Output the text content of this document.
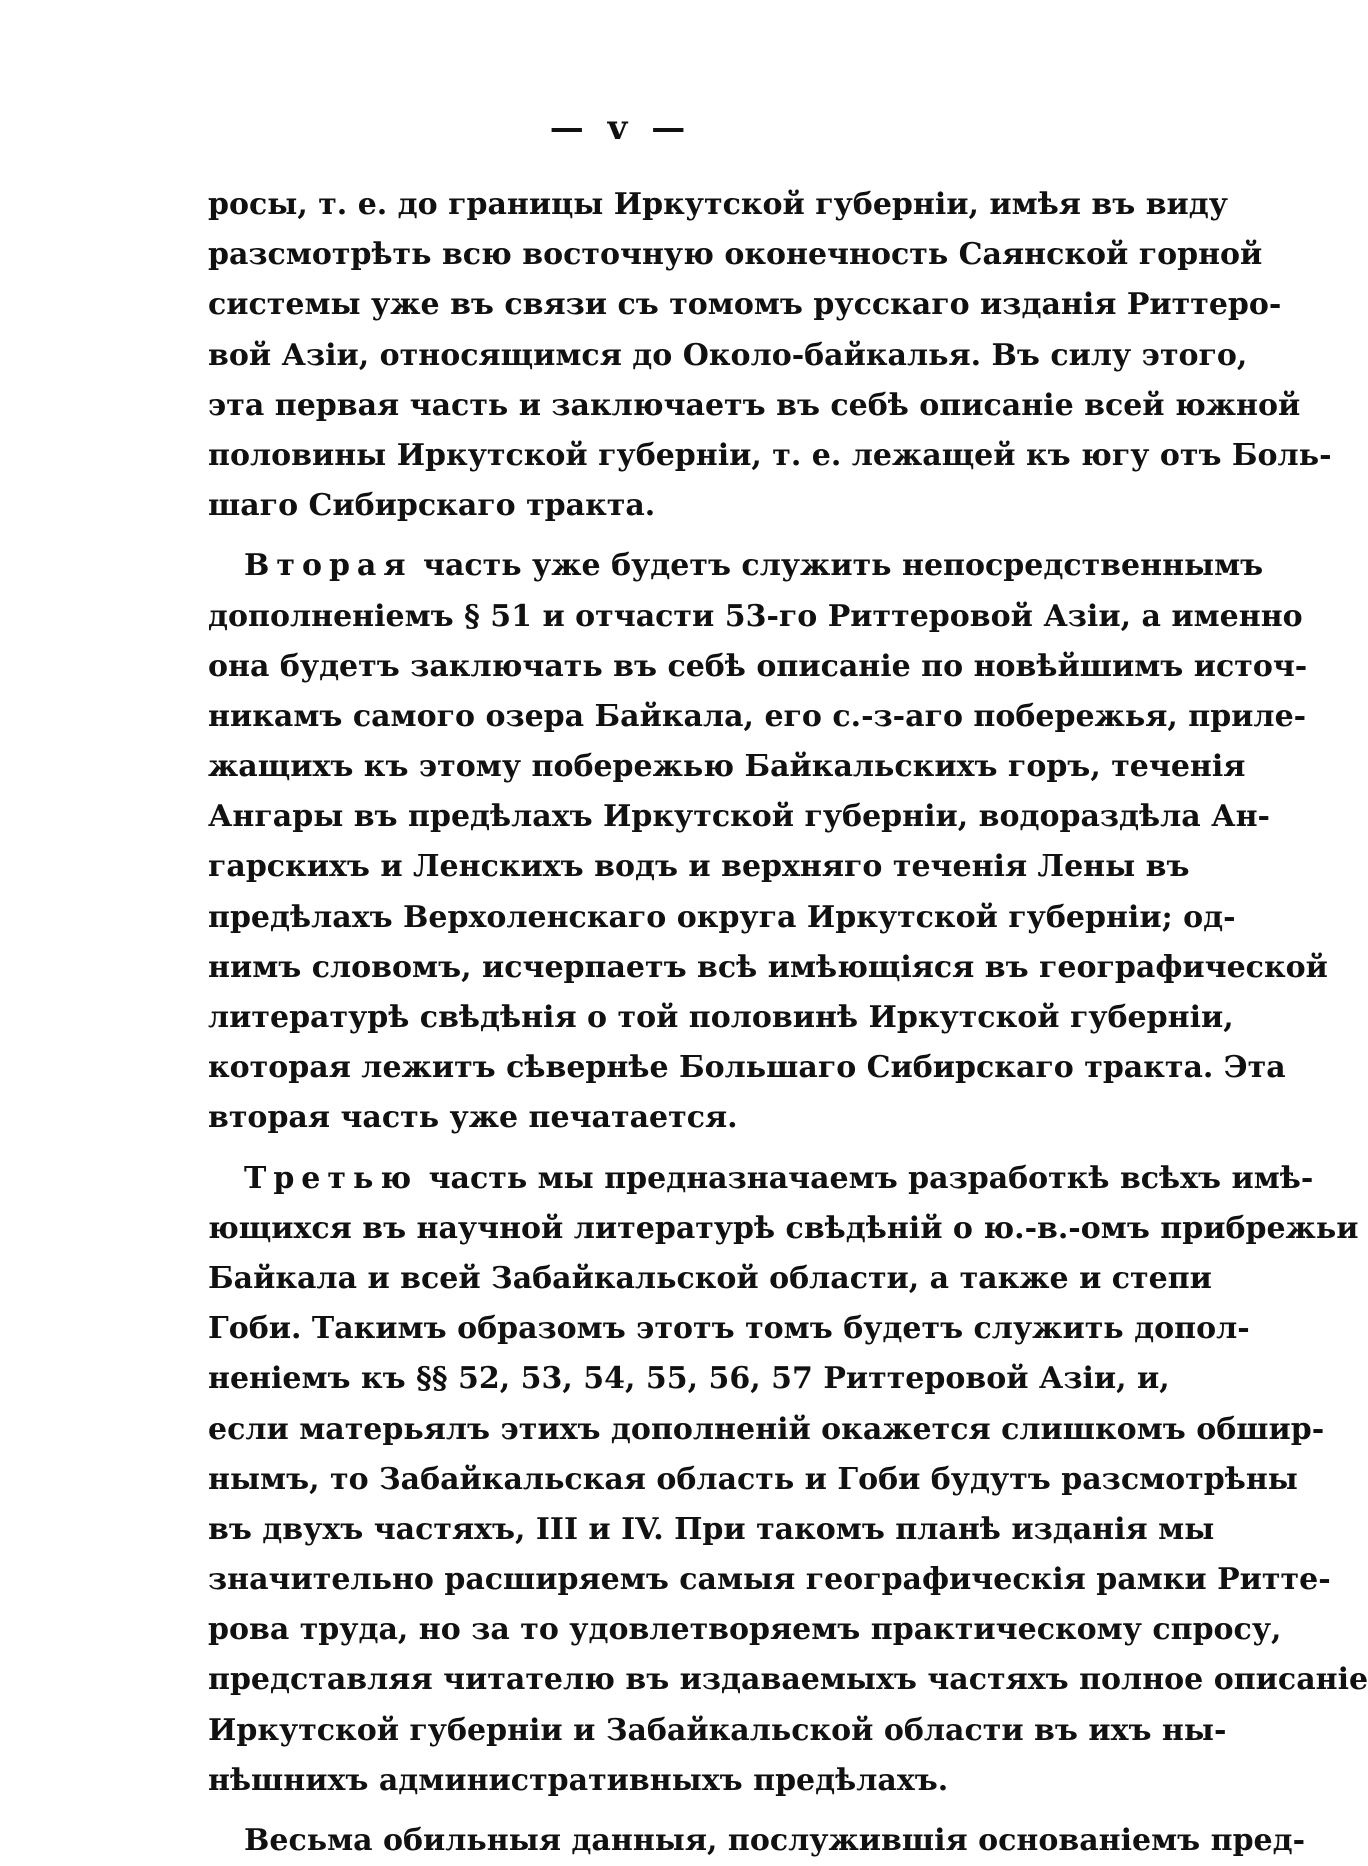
— v —
росы, т. е. до границы Иркутской губерніи, имѣя въ виду
разсмотрѣть всю восточную оконечность Саянской горной
системы уже въ связи съ томомъ русскаго изданія Риттеро-
вой Азіи, относящимся до Около-байкалья. Въ силу этого,
эта первая часть и заключаетъ въ себѣ описаніе всей южной
половины Иркутской губерніи, т. е. лежащей къ югу отъ Боль-
шаго Сибирскаго тракта.
Вторая часть уже будетъ служить непосредственнымъ
дополненіемъ § 51 и отчасти 53-го Риттеровой Азіи, а именно
она будетъ заключать въ себѣ описаніе по новѣйшимъ источ-
никамъ самого озера Байкала, его с.-з-аго побережья, приле-
жащихъ къ этому побережью Байкальскихъ горъ, теченія
Ангары въ предѣлахъ Иркутской губерніи, водораздѣла Ан-
гарскихъ и Ленскихъ водъ и верхняго теченія Лены въ
предѣлахъ Верхоленскаго округа Иркутской губерніи; од-
нимъ словомъ, исчерпаетъ всѣ имѣющіяся въ географической
литературѣ свѣдѣнія о той половинѣ Иркутской губерніи,
которая лежитъ сѣвернѣе Большаго Сибирскаго тракта. Эта
вторая часть уже печатается.
Третью часть мы предназначаемъ разработкѣ всѣхъ имѣ-
ющихся въ научной литературѣ свѣдѣній о ю.-в.-омъ прибрежьи
Байкала и всей Забайкальской области, а также и степи
Гоби. Такимъ образомъ этотъ томъ будетъ служить допол-
неніемъ къ §§ 52, 53, 54, 55, 56, 57 Риттеровой Азіи, и,
если матерьялъ этихъ дополненій окажется слишкомъ обшир-
нымъ, то Забайкальская область и Гоби будутъ разсмотрѣны
въ двухъ частяхъ, III и IV. При такомъ планѣ изданія мы
значительно расширяемъ самыя географическія рамки Ритте-
рова труда, но за то удовлетворяемъ практическому спросу,
представляя читателю въ издаваемыхъ частяхъ полное описаніе
Иркутской губерніи и Забайкальской области въ ихъ ны-
нѣшнихъ административныхъ предѣлахъ.
Весьма обильныя данныя, послужившія основаніемъ пред-
